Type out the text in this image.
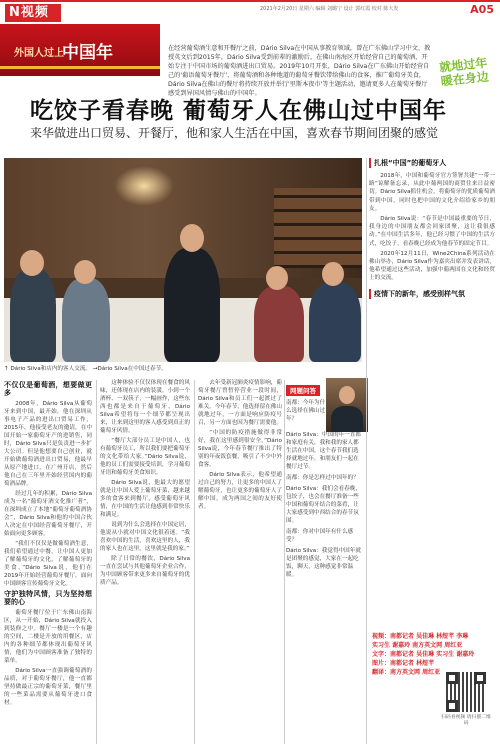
N视频	2021年2月20日 星期六 编辑 刘璐宁 设计 郭红霞 校对 陈大发	A05
外国人过上
中国年	在经营葡萄酒生意和开餐厅之前，Dário Silva在中国从事教育领域，曾在广东佛山学习中文、教授英文后到2015年，Dário Silva受到前辈的激励后，在佛山南海区开始经营自己的葡萄酒，开始专注于中国市场的葡萄酒进出口贸易。2019年10月开张，Dário Silva在广东佛山开始经营自己的'葡语葡萄牙餐厅'，将葡萄酒和各种地道的葡萄牙餐饮带给佛山的食客，推广葡萄牙美食，Dário Silva在佛山的餐厅将持续开放并举行'里斯本夜市'等主题活动，邀请更多人在葡萄牙餐厅感受到异国风情与佛山的中国年。
就地过年 暖在身边
吃饺子看春晚 葡萄牙人在佛山过中国年
来华做进出口贸易、开餐厅，他和家人生活在中国，喜欢春节期间团聚的感觉
↑ Dário Silva和店内的客人交流。 →Dário Silva在中国过春节。
不仅仅是葡萄酒，想要做更多

2008年，Dário Silva从葡萄牙来到中国，最开始，他在深圳从事电子产品的进出口贸易工作，2015年，他接受老友的邀请，在中国开始一家葡萄牙产的进销售，同时，Dário Silva只是负责进一步扩大公司。但是他想要自己创业，就开始做葡萄酒进出口贸易，他最早从原产地进口，在广州开店，然后他自己在三年里开始经营国内的葡萄酒品牌。

经过几年的积累，Dário Silva成为一名“葡萄牙酒文化推广者”，在深圳成立了本地“葡萄牙葡萄酒协会”，Dário Silva和他的中国合伙人决定在中国经营葡萄牙餐厅，开始面向更多顾客。

“我们不仅仅是做葡萄酒生意，我们希望通过中餐，让中国人更加了解葡萄牙的文化，了解葡萄牙的美食。”Dário Silva说，他们在2019年开始经营葡萄牙餐厅，面向中国顾客宣传葡萄牙文化。

守护独特风情，只为坚持想要的心

葡萄牙餐厅位于广东佛山南海区，从一开始，Dário Silva就投入到装修之中。餐厅一楼是一个有趣的空间，二楼是开放的用餐区，店内的各种细节都体现出葡萄牙风情，他们为中国顾客准备了独特的菜单。

Dário Silva一直强调葡萄酒的品质，对于葡萄牙餐厅，他一直都坚持做最正宗的葡萄牙菜，餐厅里的一些菜品需要从葡萄牙进口食材。

这种体验不仅仅体现在餐食的风味，还体现在店内的装潢。小到一个酒杯、一双筷子，一幅画作，这些东西也都是来自于葡萄牙。Dário Silva希望将每一个细节都呈现出来，让来到这里的客人感受到真正的葡萄牙风情。

“餐厅大部分员工是中国人，也有葡萄牙员工，所以我们要把葡萄牙的文化带给大家。”Dário Silva说，他的员工们需要接受培训，学习葡萄牙语和葡萄牙美食知识。

Dário Silva说，他最大的愿望就是让中国人爱上葡萄牙菜，越来越多的食客来到餐厅，感受葡萄牙风情，在中国的生活让他感到非常快乐和满足。

说到为什么会选择在中国定居，他说从小就对中国文化很着迷。“我喜欢中国的生活，喜欢这里的人，我的家人也在这里，这里就是我的家。”

除了日常的餐饮，Dário Silva一直在尝试与其他葡萄牙企业合作，为中国顾客带来更多来自葡萄牙的优质产品。

去年受新冠肺炎疫情影响，葡萄牙餐厅曾暂停营业一段时间，Dário Silva和员工们一起渡过了难关。今年春节，他选择留在佛山就地过年，一方面是响应防疫号召，另一方面也因为餐厅需要他。

“中国的防疫措施做得非常好，我在这里感到很安全。”Dário Silva说，今年春节餐厅推出了特别的年夜饭套餐，吸引了不少中外食客。

Dário Silva表示，他希望通过自己的努力，让更多的中国人了解葡萄牙，也让更多的葡萄牙人了解中国，成为两国之间的友好使者。

网题问答

南都：今年为什么选择在佛山过年？

Dário Silva：中国的年一直都和家庭有关，我和我的家人都生活在中国，这个春节我们选择就地过年，和朋友们一起在餐厅过节。

南都：你是怎样过中国年的？

Dário Silva：我们会看春晚，包饺子，也会在餐厅准备一些中国和葡萄牙结合的菜肴，让大家感受到中西结合的春节氛围。

南都：你对中国年有什么感受？

Dário Silva：我觉得中国年就是团聚的感觉，大家在一起吃饭，聊天，这种感觉非常温暖。

扎根“中国”的葡萄牙人

2018年，中国和葡萄牙官方签署共建“一带一路”谅解备忘录，从此中葡两国的商贸往来日益密切。Dário Silva抓住机会，将葡萄牙的优质葡萄酒带到中国，同时也把中国的文化介绍给家乡的朋友。

Dário Silva说：“春节是中国最重要的节日，我身边的中国朋友都会回家团聚，这让我很感动。”在中国生活多年，他已经习惯了中国的生活方式，吃饺子、看春晚已经成为他春节的固定节目。

2020年12月11日，Wine2China系列活动在佛山举办，Dário Silva作为嘉宾出席并发表讲话，他希望通过这些活动，加强中葡两国在文化和经贸上的交流。

疫情下的新年，感受别样气氛
视频：南都记者 吴佳琳 林煜芊 李琳
实习生 谢嘉玲 南方英文网 周红亚
文字：南都记者 吴佳琳 实习生 谢嘉玲
图片：南都记者 林煜芊
翻译：南方英文网 周红亚
扫码看视频 请扫描二维码
